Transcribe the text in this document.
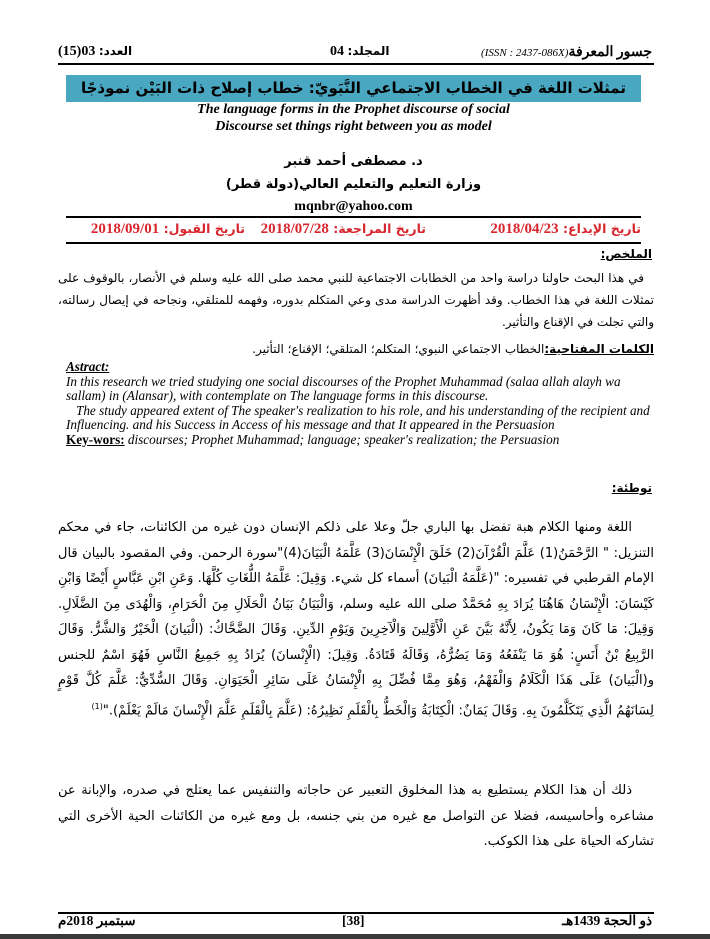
جسور المعرفة(ISSN : 2437-086X)
المجلد: 04
العدد: 03(15)
تمثلات اللغة في الخطاب الاجتماعي النَّبَويّ: خطاب إصلاح ذات البَيْن نموذجًا
The language forms in the Prophet discourse of social
Discourse set things right between you as model
د. مصطفى أحمد قنبر
وزارة التعليم والتعليم العالي(دولة قطر)
mqnbr@yahoo.com
تاريخ الإيداع: 2018/04/23
تاريخ المراجعة: 2018/07/28
تاريخ القبول: 2018/09/01
الملخص:
في هذا البحث حاولنا دراسة واحد من الخطابات الاجتماعية للنبي محمد صلى الله عليه وسلم في الأنصار، بالوقوف على تمثلات اللغة في هذا الخطاب. وقد أظهرت الدراسة مدى وعي المتكلم بدوره، وفهمه للمتلقي، ونجاحه في إيصال رسالته، والتي تجلت في الإقناع والتأثير.
الكلمات المفتاحية:الخطاب الاجتماعي النبوي؛ المتكلم؛ المتلقي؛ الإقناع؛ التأثير.
Astract:
In this research we tried studying one social discourses of the Prophet Muhammad (salaa allah alayh wa sallam) in (Alansar), with contemplate on The language forms in this discourse.
The study appeared extent of The speaker's realization to his role, and his understanding of the recipient and Influencing. and his Success in Access of his message and that It appeared in the Persuasion
Key-wors: discourses; Prophet Muhammad; language; speaker's realization; the Persuasion
توطئة:
اللغة ومنها الكلام هبة تفضل بها الباري جلّ وعلا على ذلكم الإنسان دون غيره من الكائنات، جاء في محكم التنزيل: " الرَّحْمَنُ(1) عَلَّمَ الْقُرْآنَ(2) خَلَقَ الْإِنْسَانَ(3) عَلَّمَهُ الْبَيَانَ(4)"سورة الرحمن. وفي المقصود بالبيان قال الإمام القرطبي في تفسيره: "(عَلَّمَهُ الْبَيانَ) أسماء كل شيء. وَقِيلَ: عَلَّمَهُ اللُّغَاتِ كُلَّهَا. وَعَنِ ابْنِ عَبَّاسٍ أَيْضًا وَابْنِ كَيْسَانَ: الْإِنْسَانُ هَاهُنَا يُرَادَ بِهِ مُحَمَّدٌ صلى الله عليه وسلم، وَالْبَيَانُ بَيَانُ الْحَلَالِ مِنَ الْحَرَامِ، وَالْهُدَى مِنَ الضَّلَالِ. وَقِيلَ: مَا كَانَ وَمَا يَكُونُ، لِأَنَّهُ بَيَّنَ عَنِ الْأَوَّلِينَ وَالْآخِرِينَ وَيَوْمِ الدِّينِ. وَقَالَ الضَّحَّاكُ: (الْبَيانَ) الْخَيْرُ وَالشَّرُّ. وَقَالَ الرَّبِيعُ بْنُ أَنَسٍ: هُوَ مَا يَنْفَعُهُ وَمَا يَضُرُّهُ، وَقَالَهُ قَتَادَةُ. وَقِيلَ: (الْإِنْسانَ) يُرَادُ بِهِ جَمِيعُ النَّاسِ فَهُوَ اسْمٌ للجنس و(الْبَيانَ) عَلَى هَذَا الْكَلَامُ وَالْفَهْمُ، وَهُوَ مِمَّا فُضِّلَ بِهِ الْإِنْسَانُ عَلَى سَائِرِ الْحَيَوَانِ. وَقَالَ السُّدِّيُّ: عَلَّمَ كُلَّ قَوْمٍ لِسَانَهُمُ الَّذِي يَتَكَلَّمُونَ بِهِ. وَقَالَ يَمَانٌ: الْكِتَابَةُ وَالْخَطُّ بِالْقَلَمِ نَظِيرُهُ: (عَلَّمَ بِالْقَلَمِ عَلَّمَ الْإِنْسانَ مَالَمْ يَعْلَمْ)."$^{(1)}$
ذلك أن هذا الكلام يستطيع به هذا المخلوق التعبير عن حاجاته والتنفيس عما يعتلج في صدره، والإبانة عن مشاعره وأحاسيسه، فضلا عن التواصل مع غيره من بني جنسه، بل ومع غيره من الكائنات الحية الأخرى التي تشاركه الحياة على هذا الكوكب.
ذو الحجة 1439هـ
[38]
سبتمبر 2018م
